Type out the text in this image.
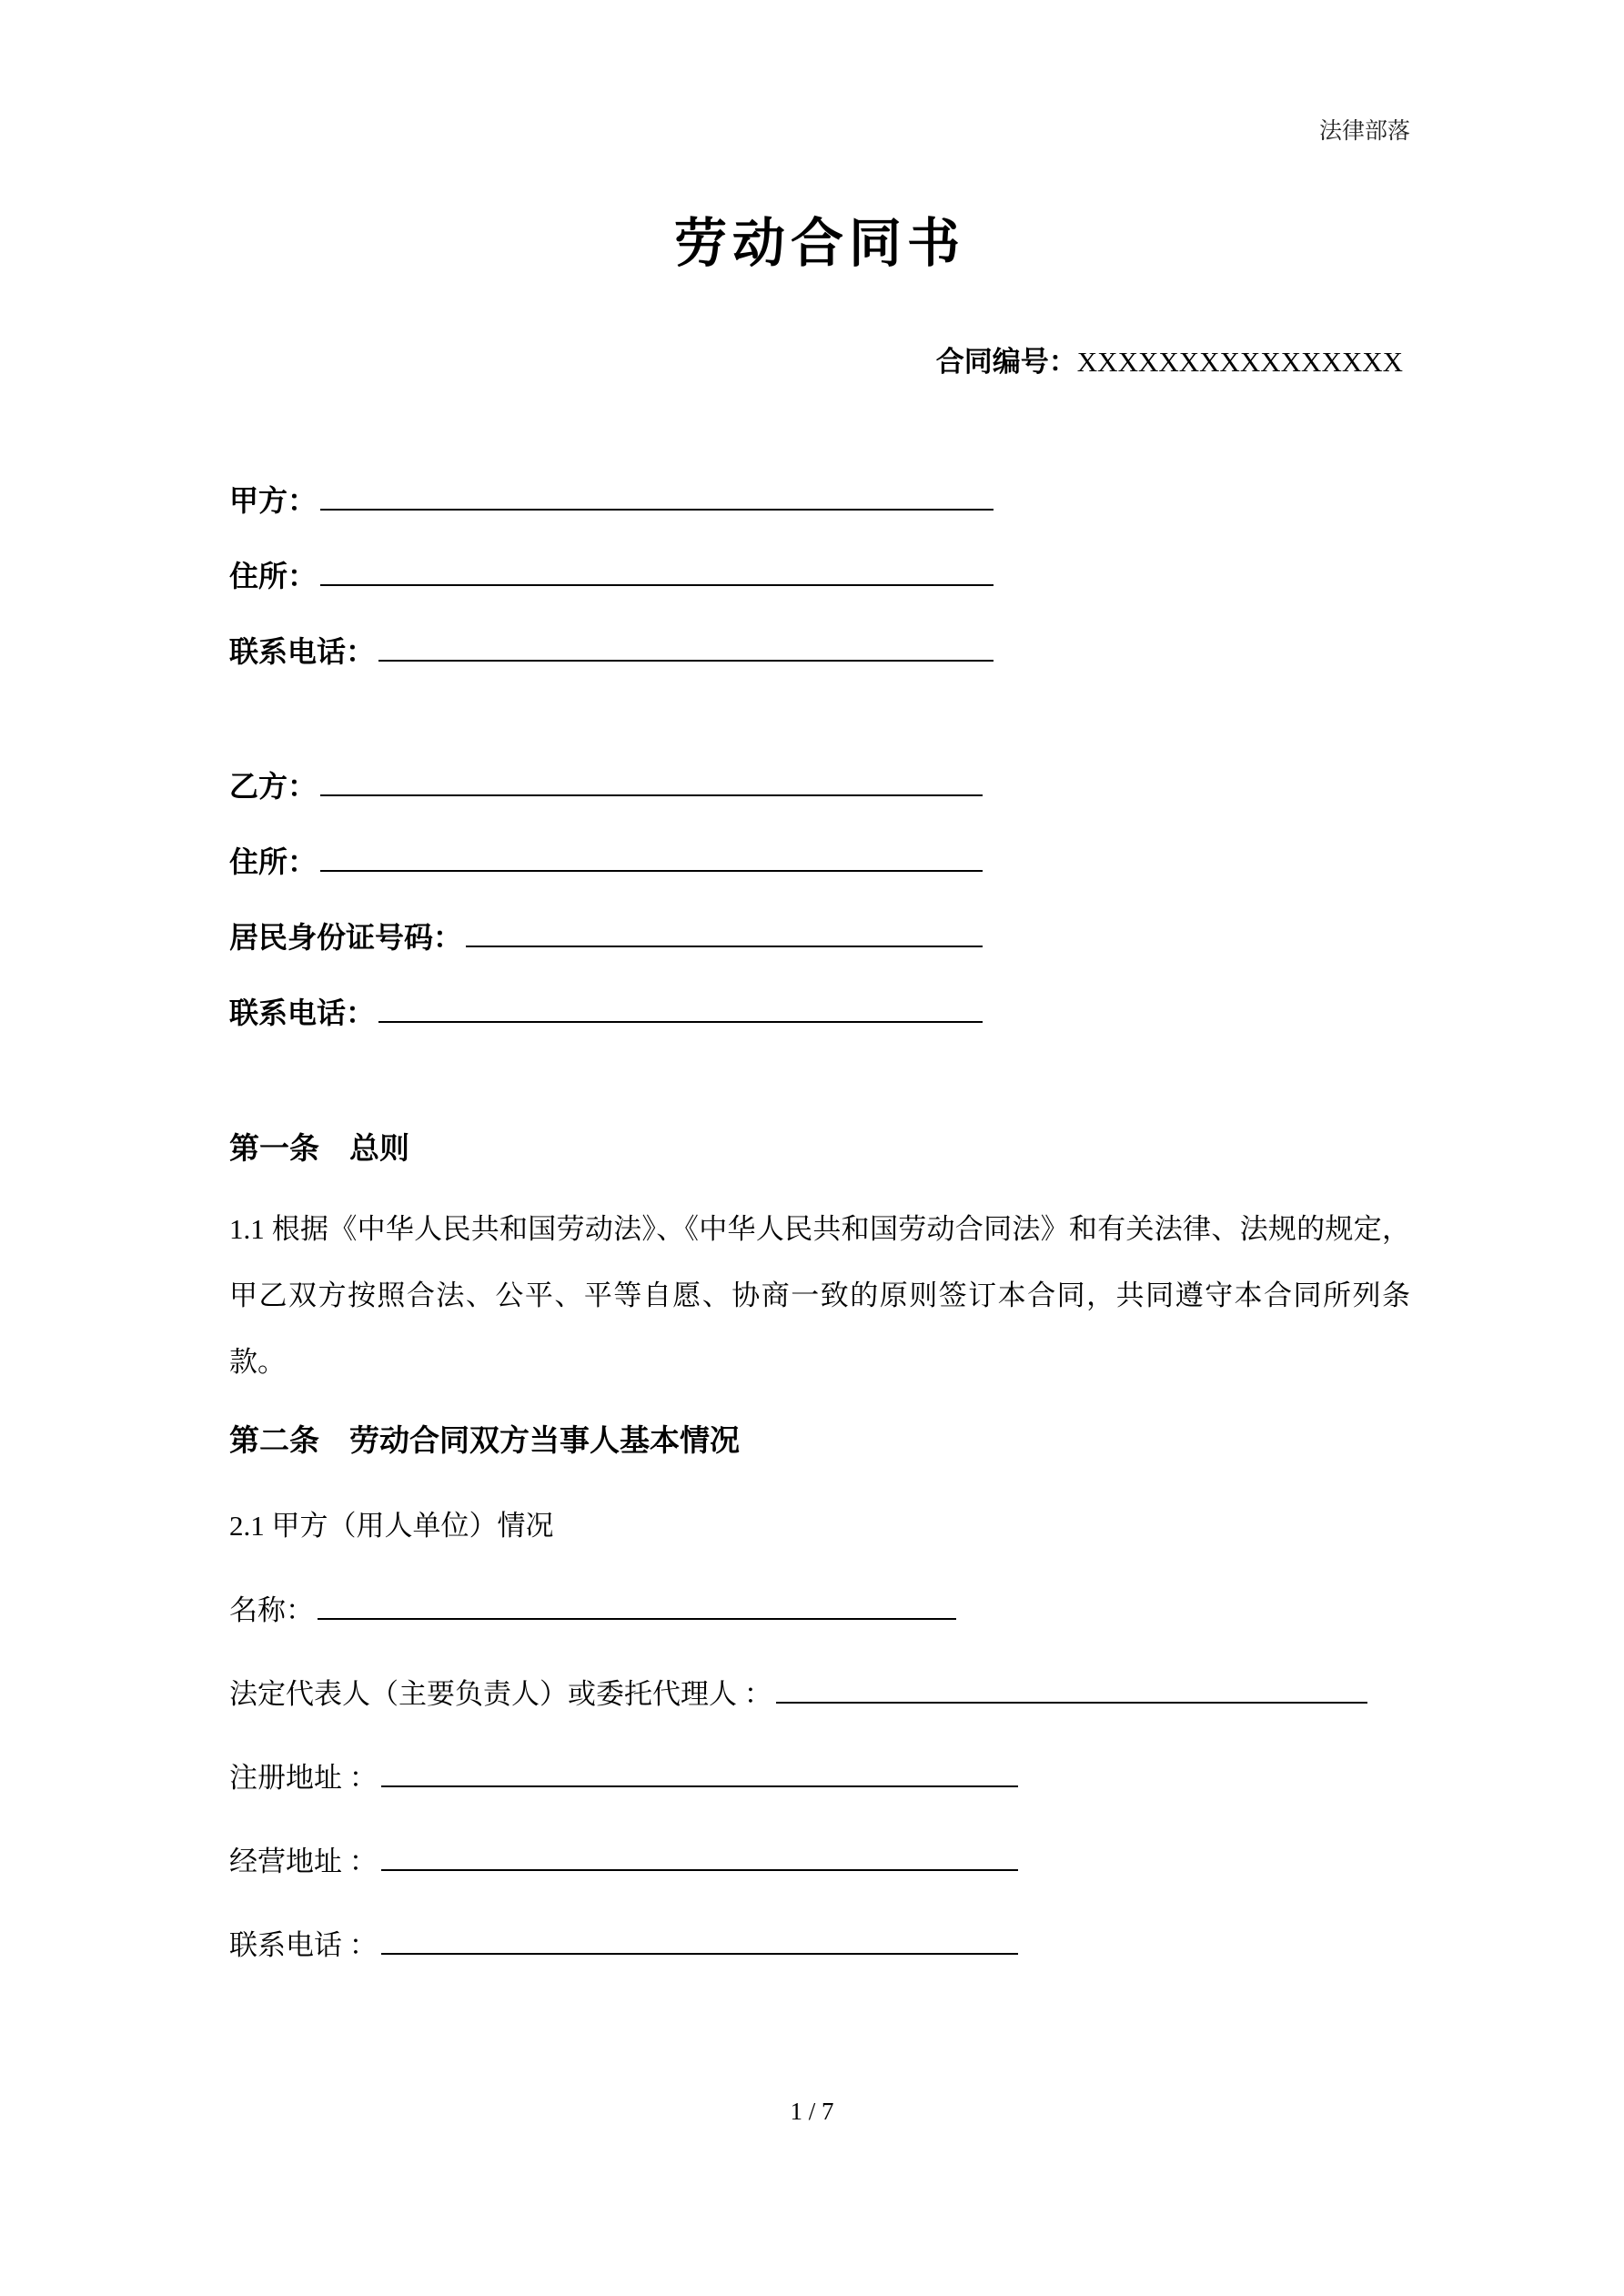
法律部落
劳动合同书
合同编号：XXXXXXXXXXXXXXXX
甲方：
住所：
联系电话：
乙方：
住所：
居民身份证号码：
联系电话：
第一条　总则
1.1 根据《中华人民共和国劳动法》、《中华人民共和国劳动合同法》和有关法律、法规的规定，甲乙双方按照合法、公平、平等自愿、协商一致的原则签订本合同，共同遵守本合同所列条款。
第二条　劳动合同双方当事人基本情况
2.1 甲方（用人单位）情况
名称：
法定代表人（主要负责人）或委托代理人 ：
注册地址 ：
经营地址 ：
联系电话 ：
1 / 7
